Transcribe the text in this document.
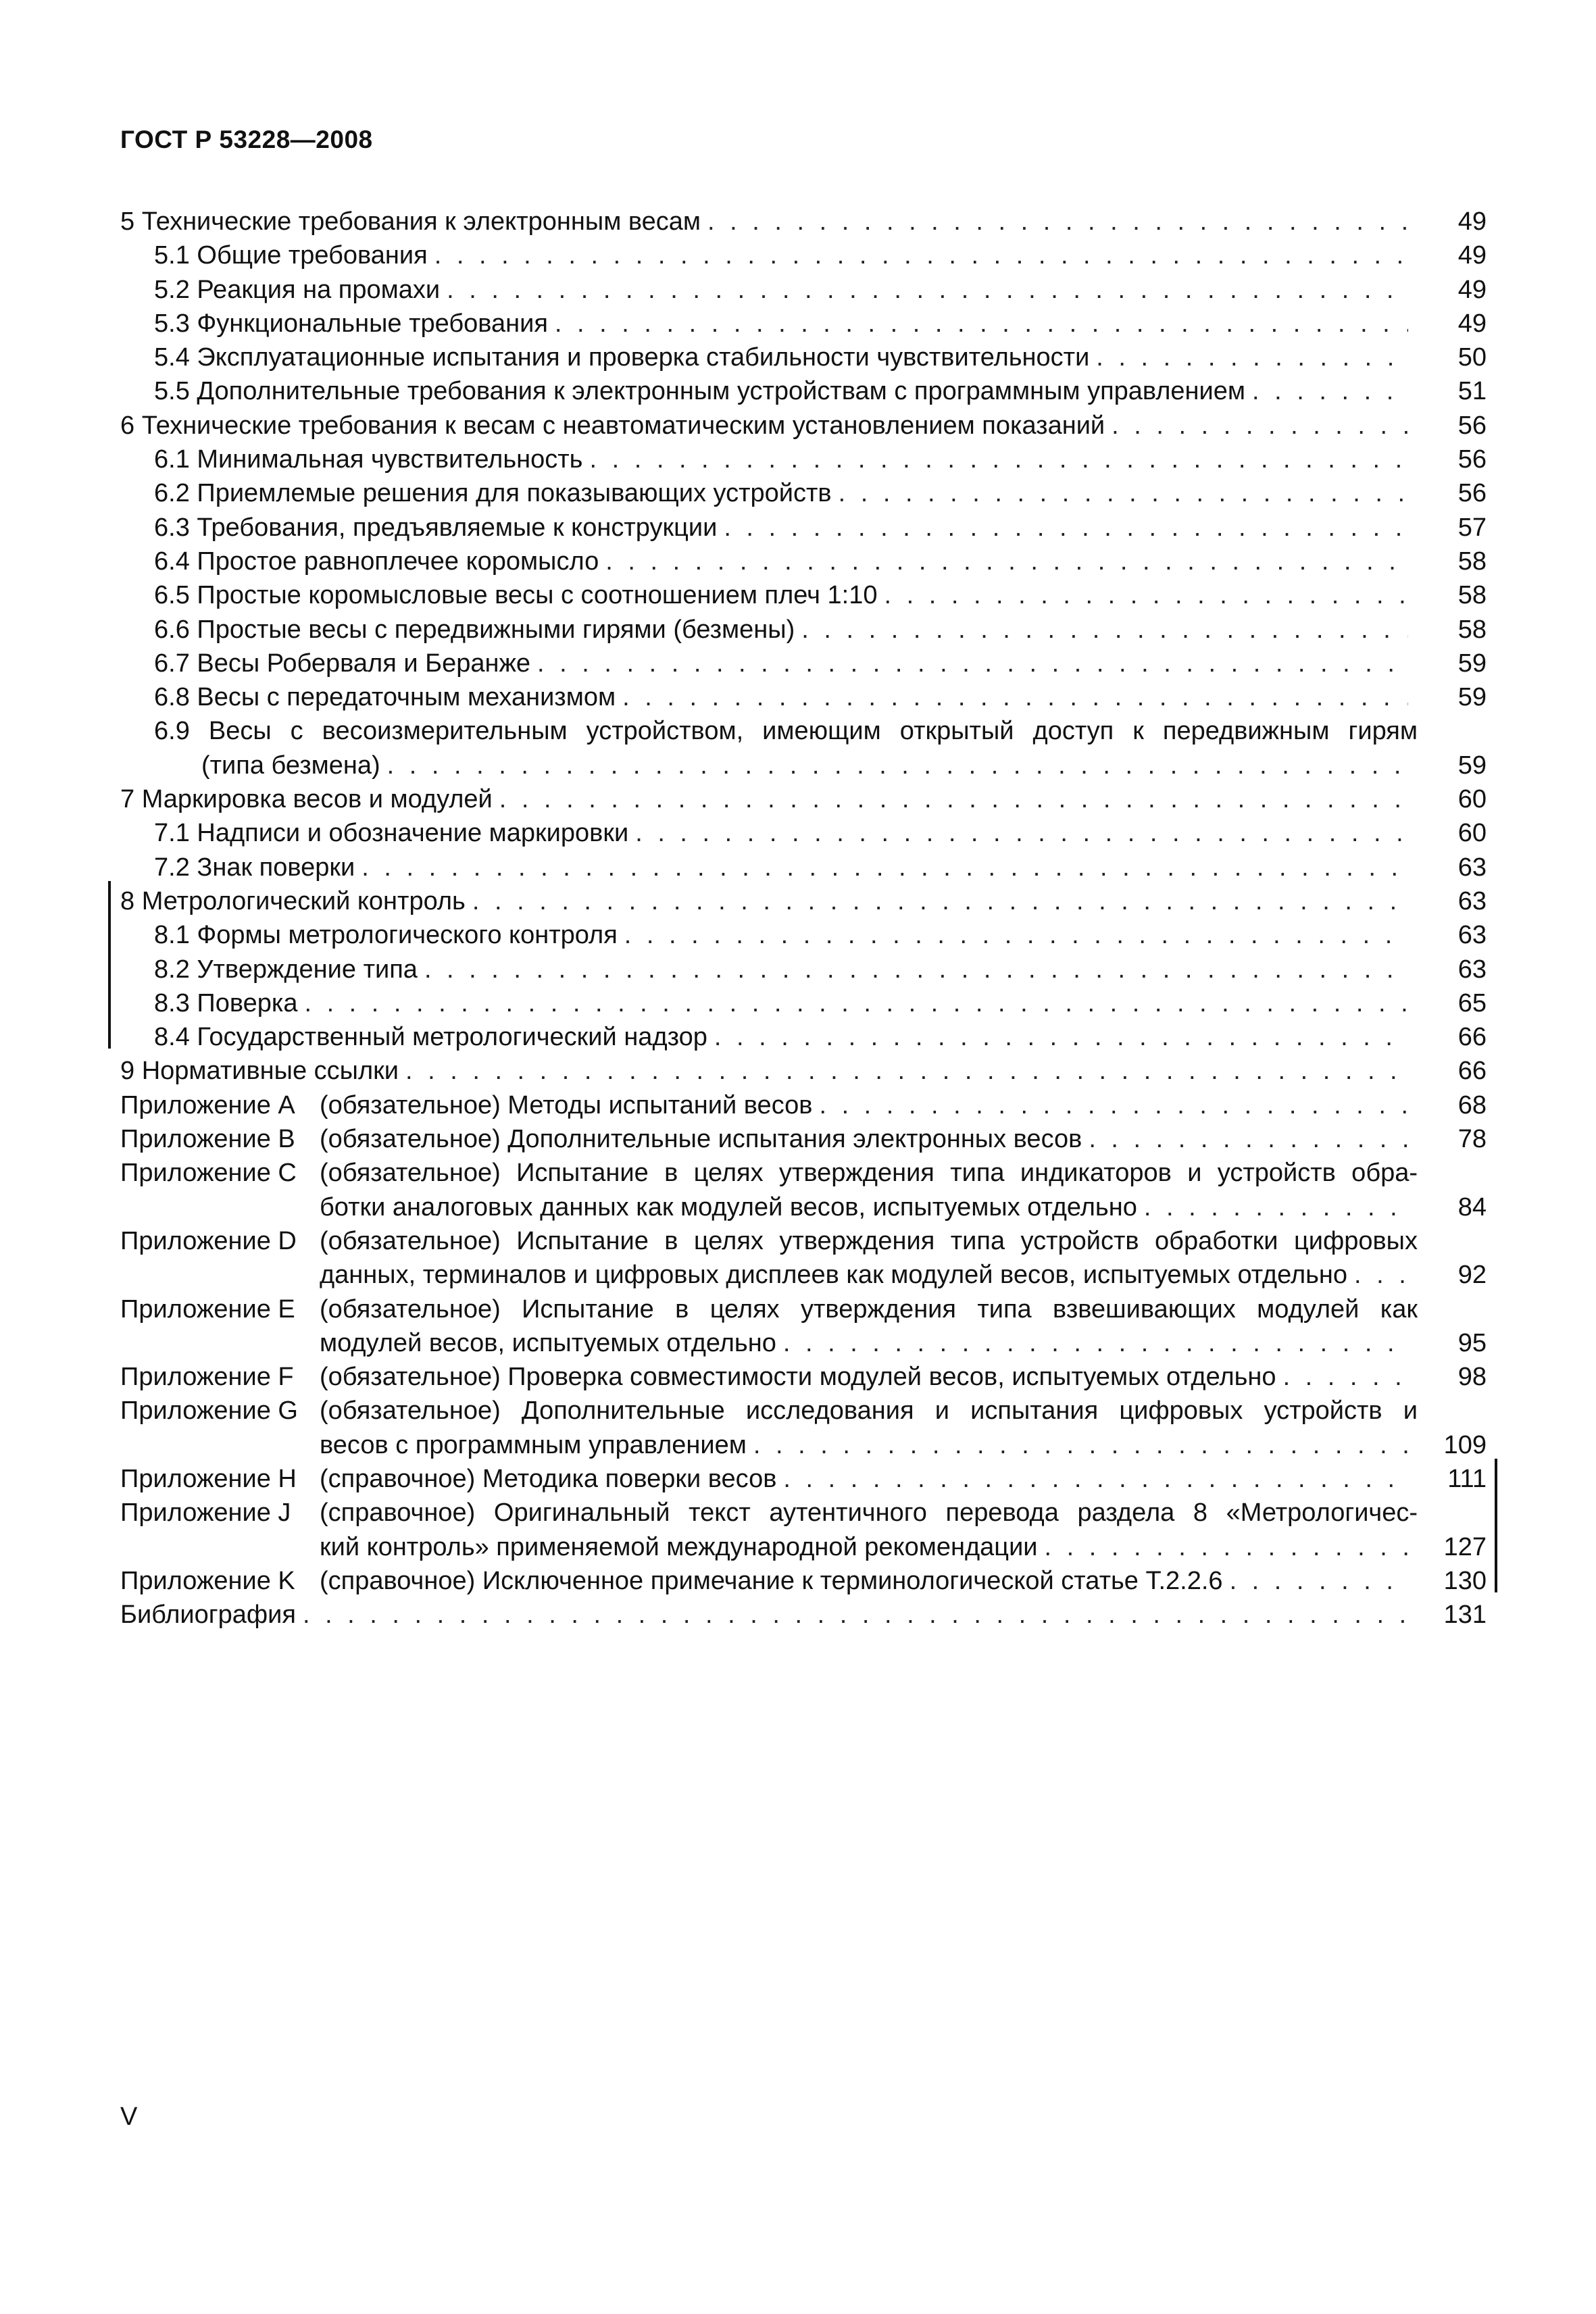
ГОСТ Р 53228—2008
5 Технические требования к электронным весам . . .	49
5.1 Общие требования . . .	49
5.2 Реакция на промахи . . .	49
5.3 Функциональные требования . . .	49
5.4 Эксплуатационные испытания и проверка стабильности чувствительности . . .	50
5.5 Дополнительные требования к электронным устройствам с программным управлением . . .	51
6 Технические требования к весам с неавтоматическим установлением показаний . . .	56
6.1 Минимальная чувствительность . . .	56
6.2 Приемлемые решения для показывающих устройств . . .	56
6.3 Требования, предъявляемые к конструкции . . .	57
6.4 Простое равноплечее коромысло . . .	58
6.5 Простые коромысловые весы с соотношением плеч 1:10 . . .	58
6.6 Простые весы с передвижными гирями (безмены) . . .	58
6.7 Весы Роберваля и Беранже . . .	59
6.8 Весы с передаточным механизмом . . .	59
6.9 Весы с весоизмерительным устройством, имеющим открытый доступ к передвижным гирям
(типа безмена) . . .	59
7 Маркировка весов и модулей . . .	60
7.1 Надписи и обозначение маркировки . . .	60
7.2 Знак поверки . . .	63
8 Метрологический контроль . . .	63
8.1 Формы метрологического контроля . . .	63
8.2 Утверждение типа . . .	63
8.3 Поверка . . .	65
8.4 Государственный метрологический надзор . . .	66
9 Нормативные ссылки . . .	66
Приложение A (обязательное) Методы испытаний весов . . .	68
Приложение B (обязательное) Дополнительные испытания электронных весов . . .	78
Приложение C (обязательное) Испытание в целях утверждения типа индикаторов и устройств обра-
ботки аналоговых данных как модулей весов, испытуемых отдельно . . .	84
Приложение D (обязательное) Испытание в целях утверждения типа устройств обработки цифровых
данных, терминалов и цифровых дисплеев как модулей весов, испытуемых отдельно . . .	92
Приложение E (обязательное) Испытание в целях утверждения типа взвешивающих модулей как
модулей весов, испытуемых отдельно . . .	95
Приложение F (обязательное) Проверка совместимости модулей весов, испытуемых отдельно . . .	98
Приложение G (обязательное) Дополнительные исследования и испытания цифровых устройств и
весов с программным управлением . . .	109
Приложение H (справочное) Методика поверки весов . . .	111
Приложение J (справочное) Оригинальный текст аутентичного перевода раздела 8 «Метрологичес-
кий контроль» применяемой международной рекомендации . . .	127
Приложение K (справочное) Исключенное примечание к терминологической статье Т.2.2.6 . . .	130
Библиография . . .	131
V
